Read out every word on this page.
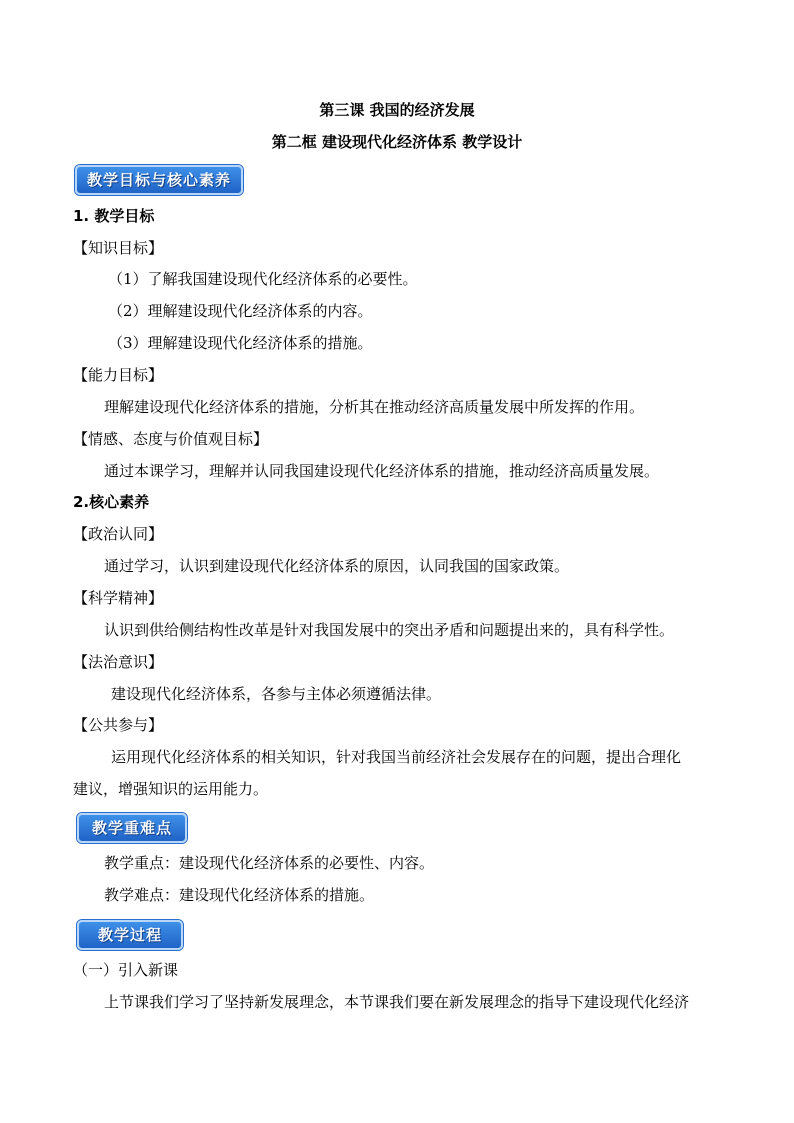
第三课 我国的经济发展
第二框 建设现代化经济体系 教学设计
教学目标与核心素养
1. 教学目标
【知识目标】
（1）了解我国建设现代化经济体系的必要性。
（2）理解建设现代化经济体系的内容。
（3）理解建设现代化经济体系的措施。
【能力目标】
理解建设现代化经济体系的措施，分析其在推动经济高质量发展中所发挥的作用。
【情感、态度与价值观目标】
通过本课学习，理解并认同我国建设现代化经济体系的措施，推动经济高质量发展。
2.核心素养
【政治认同】
通过学习，认识到建设现代化经济体系的原因，认同我国的国家政策。
【科学精神】
认识到供给侧结构性改革是针对我国发展中的突出矛盾和问题提出来的，具有科学性。
【法治意识】
建设现代化经济体系，各参与主体必须遵循法律。
【公共参与】
运用现代化经济体系的相关知识，针对我国当前经济社会发展存在的问题，提出合理化
建议，增强知识的运用能力。
教学重难点
教学重点：建设现代化经济体系的必要性、内容。
教学难点：建设现代化经济体系的措施。
教学过程
（一）引入新课
上节课我们学习了坚持新发展理念，本节课我们要在新发展理念的指导下建设现代化经济
